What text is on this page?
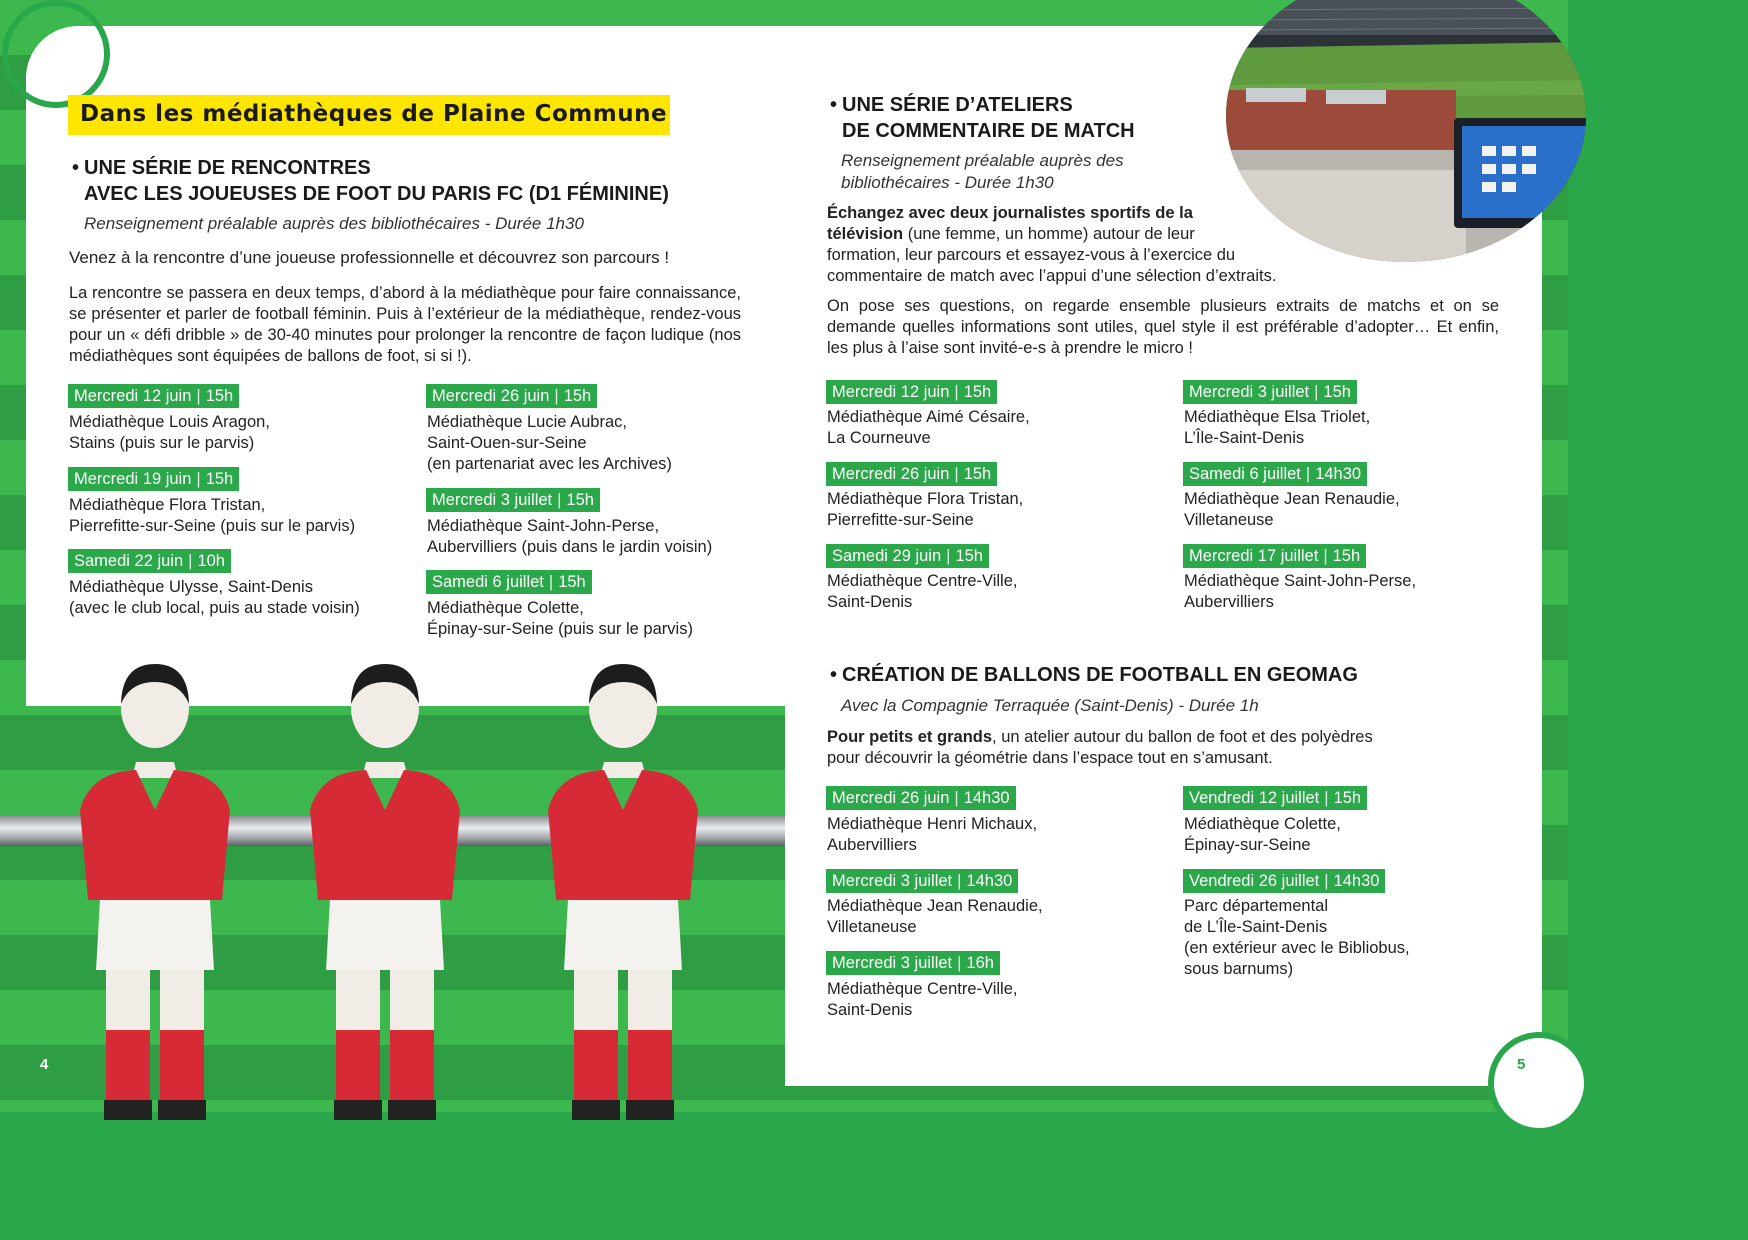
Dans les médiathèques de Plaine Commune
• UNE SÉRIE DE RENCONTRES
AVEC LES JOUEUSES DE FOOT DU PARIS FC (D1 FÉMININE)
Renseignement préalable auprès des bibliothécaires - Durée 1h30
Venez à la rencontre d’une joueuse professionnelle et découvrez son parcours !
La rencontre se passera en deux temps, d’abord à la médiathèque pour faire connaissance, se présenter et parler de football féminin. Puis à l’extérieur de la médiathèque, rendez-vous pour un « défi dribble » de 30-40 minutes pour prolonger la rencontre de façon ludique (nos médiathèques sont équipées de ballons de foot, si si !).
Mercredi 12 juin | 15h
Médiathèque Louis Aragon,
Stains (puis sur le parvis)
Mercredi 19 juin | 15h
Médiathèque Flora Tristan,
Pierrefitte-sur-Seine (puis sur le parvis)
Samedi 22 juin | 10h
Médiathèque Ulysse, Saint-Denis
(avec le club local, puis au stade voisin)
Mercredi 26 juin | 15h
Médiathèque Lucie Aubrac,
Saint-Ouen-sur-Seine
(en partenariat avec les Archives)
Mercredi 3 juillet | 15h
Médiathèque Saint-John-Perse,
Aubervilliers (puis dans le jardin voisin)
Samedi 6 juillet | 15h
Médiathèque Colette,
Épinay-sur-Seine (puis sur le parvis)
4
• UNE SÉRIE D’ATELIERS
DE COMMENTAIRE DE MATCH
Renseignement préalable auprès des
bibliothécaires - Durée 1h30
Échangez avec deux journalistes sportifs de la
télévision (une femme, un homme) autour de leur
formation, leur parcours et essayez-vous à l’exercice du
commentaire de match avec l’appui d’une sélection d’extraits.
On pose ses questions, on regarde ensemble plusieurs extraits de matchs et on se demande quelles informations sont utiles, quel style il est préférable d’adopter… Et enfin, les plus à l’aise sont invité-e-s à prendre le micro !
Mercredi 12 juin | 15h
Médiathèque Aimé Césaire,
La Courneuve
Mercredi 26 juin | 15h
Médiathèque Flora Tristan,
Pierrefitte-sur-Seine
Samedi 29 juin | 15h
Médiathèque Centre-Ville,
Saint-Denis
Mercredi 3 juillet | 15h
Médiathèque Elsa Triolet,
L’Île-Saint-Denis
Samedi 6 juillet | 14h30
Médiathèque Jean Renaudie,
Villetaneuse
Mercredi 17 juillet | 15h
Médiathèque Saint-John-Perse,
Aubervilliers
• CRÉATION DE BALLONS DE FOOTBALL EN GEOMAG
Avec la Compagnie Terraquée (Saint-Denis) - Durée 1h
Pour petits et grands, un atelier autour du ballon de foot et des polyèdres
pour découvrir la géométrie dans l’espace tout en s’amusant.
Mercredi 26 juin | 14h30
Médiathèque Henri Michaux,
Aubervilliers
Mercredi 3 juillet | 14h30
Médiathèque Jean Renaudie,
Villetaneuse
Mercredi 3 juillet | 16h
Médiathèque Centre-Ville,
Saint-Denis
Vendredi 12 juillet | 15h
Médiathèque Colette,
Épinay-sur-Seine
Vendredi 26 juillet | 14h30
Parc départemental
de L’Île-Saint-Denis
(en extérieur avec le Bibliobus,
sous barnums)
5
